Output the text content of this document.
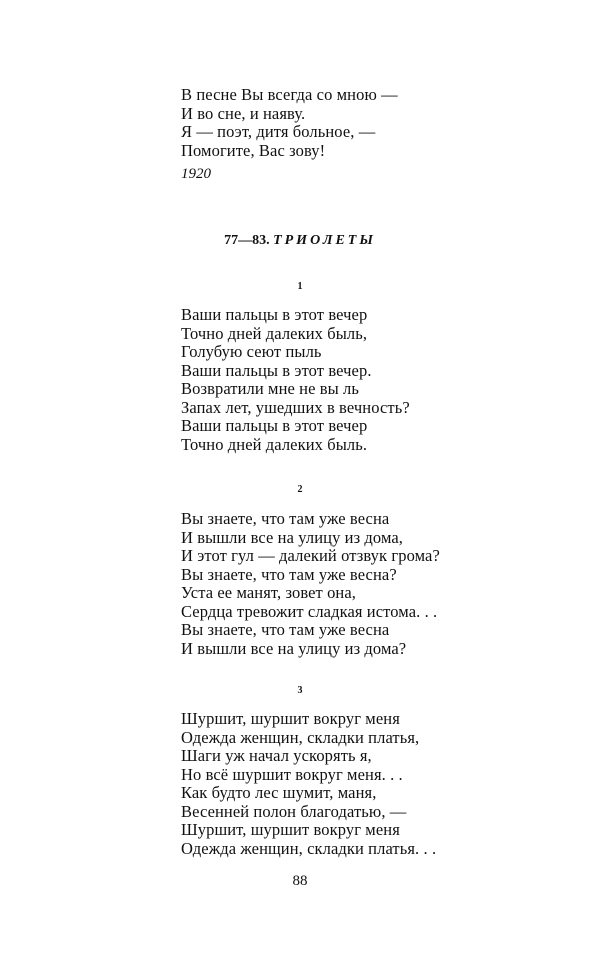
В песне Вы всегда со мною —
И во сне, и наяву.
Я — поэт, дитя больное, —
Помогите, Вас зову!
1920
77—83. ТРИОЛЕТЫ
1
Ваши пальцы в этот вечер
Точно дней далеких быль,
Голубую сеют пыль
Ваши пальцы в этот вечер.
Возвратили мне не вы ль
Запах лет, ушедших в вечность?
Ваши пальцы в этот вечер
Точно дней далеких быль.
2
Вы знаете, что там уже весна
И вышли все на улицу из дома,
И этот гул — далекий отзвук грома?
Вы знаете, что там уже весна?
Уста ее манят, зовет она,
Сердца тревожит сладкая истома. . .
Вы знаете, что там уже весна
И вышли все на улицу из дома?
3
Шуршит, шуршит вокруг меня
Одежда женщин, складки платья,
Шаги уж начал ускорять я,
Но всё шуршит вокруг меня. . .
Как будто лес шумит, маня,
Весенней полон благодатью, —
Шуршит, шуршит вокруг меня
Одежда женщин, складки платья. . .
88
